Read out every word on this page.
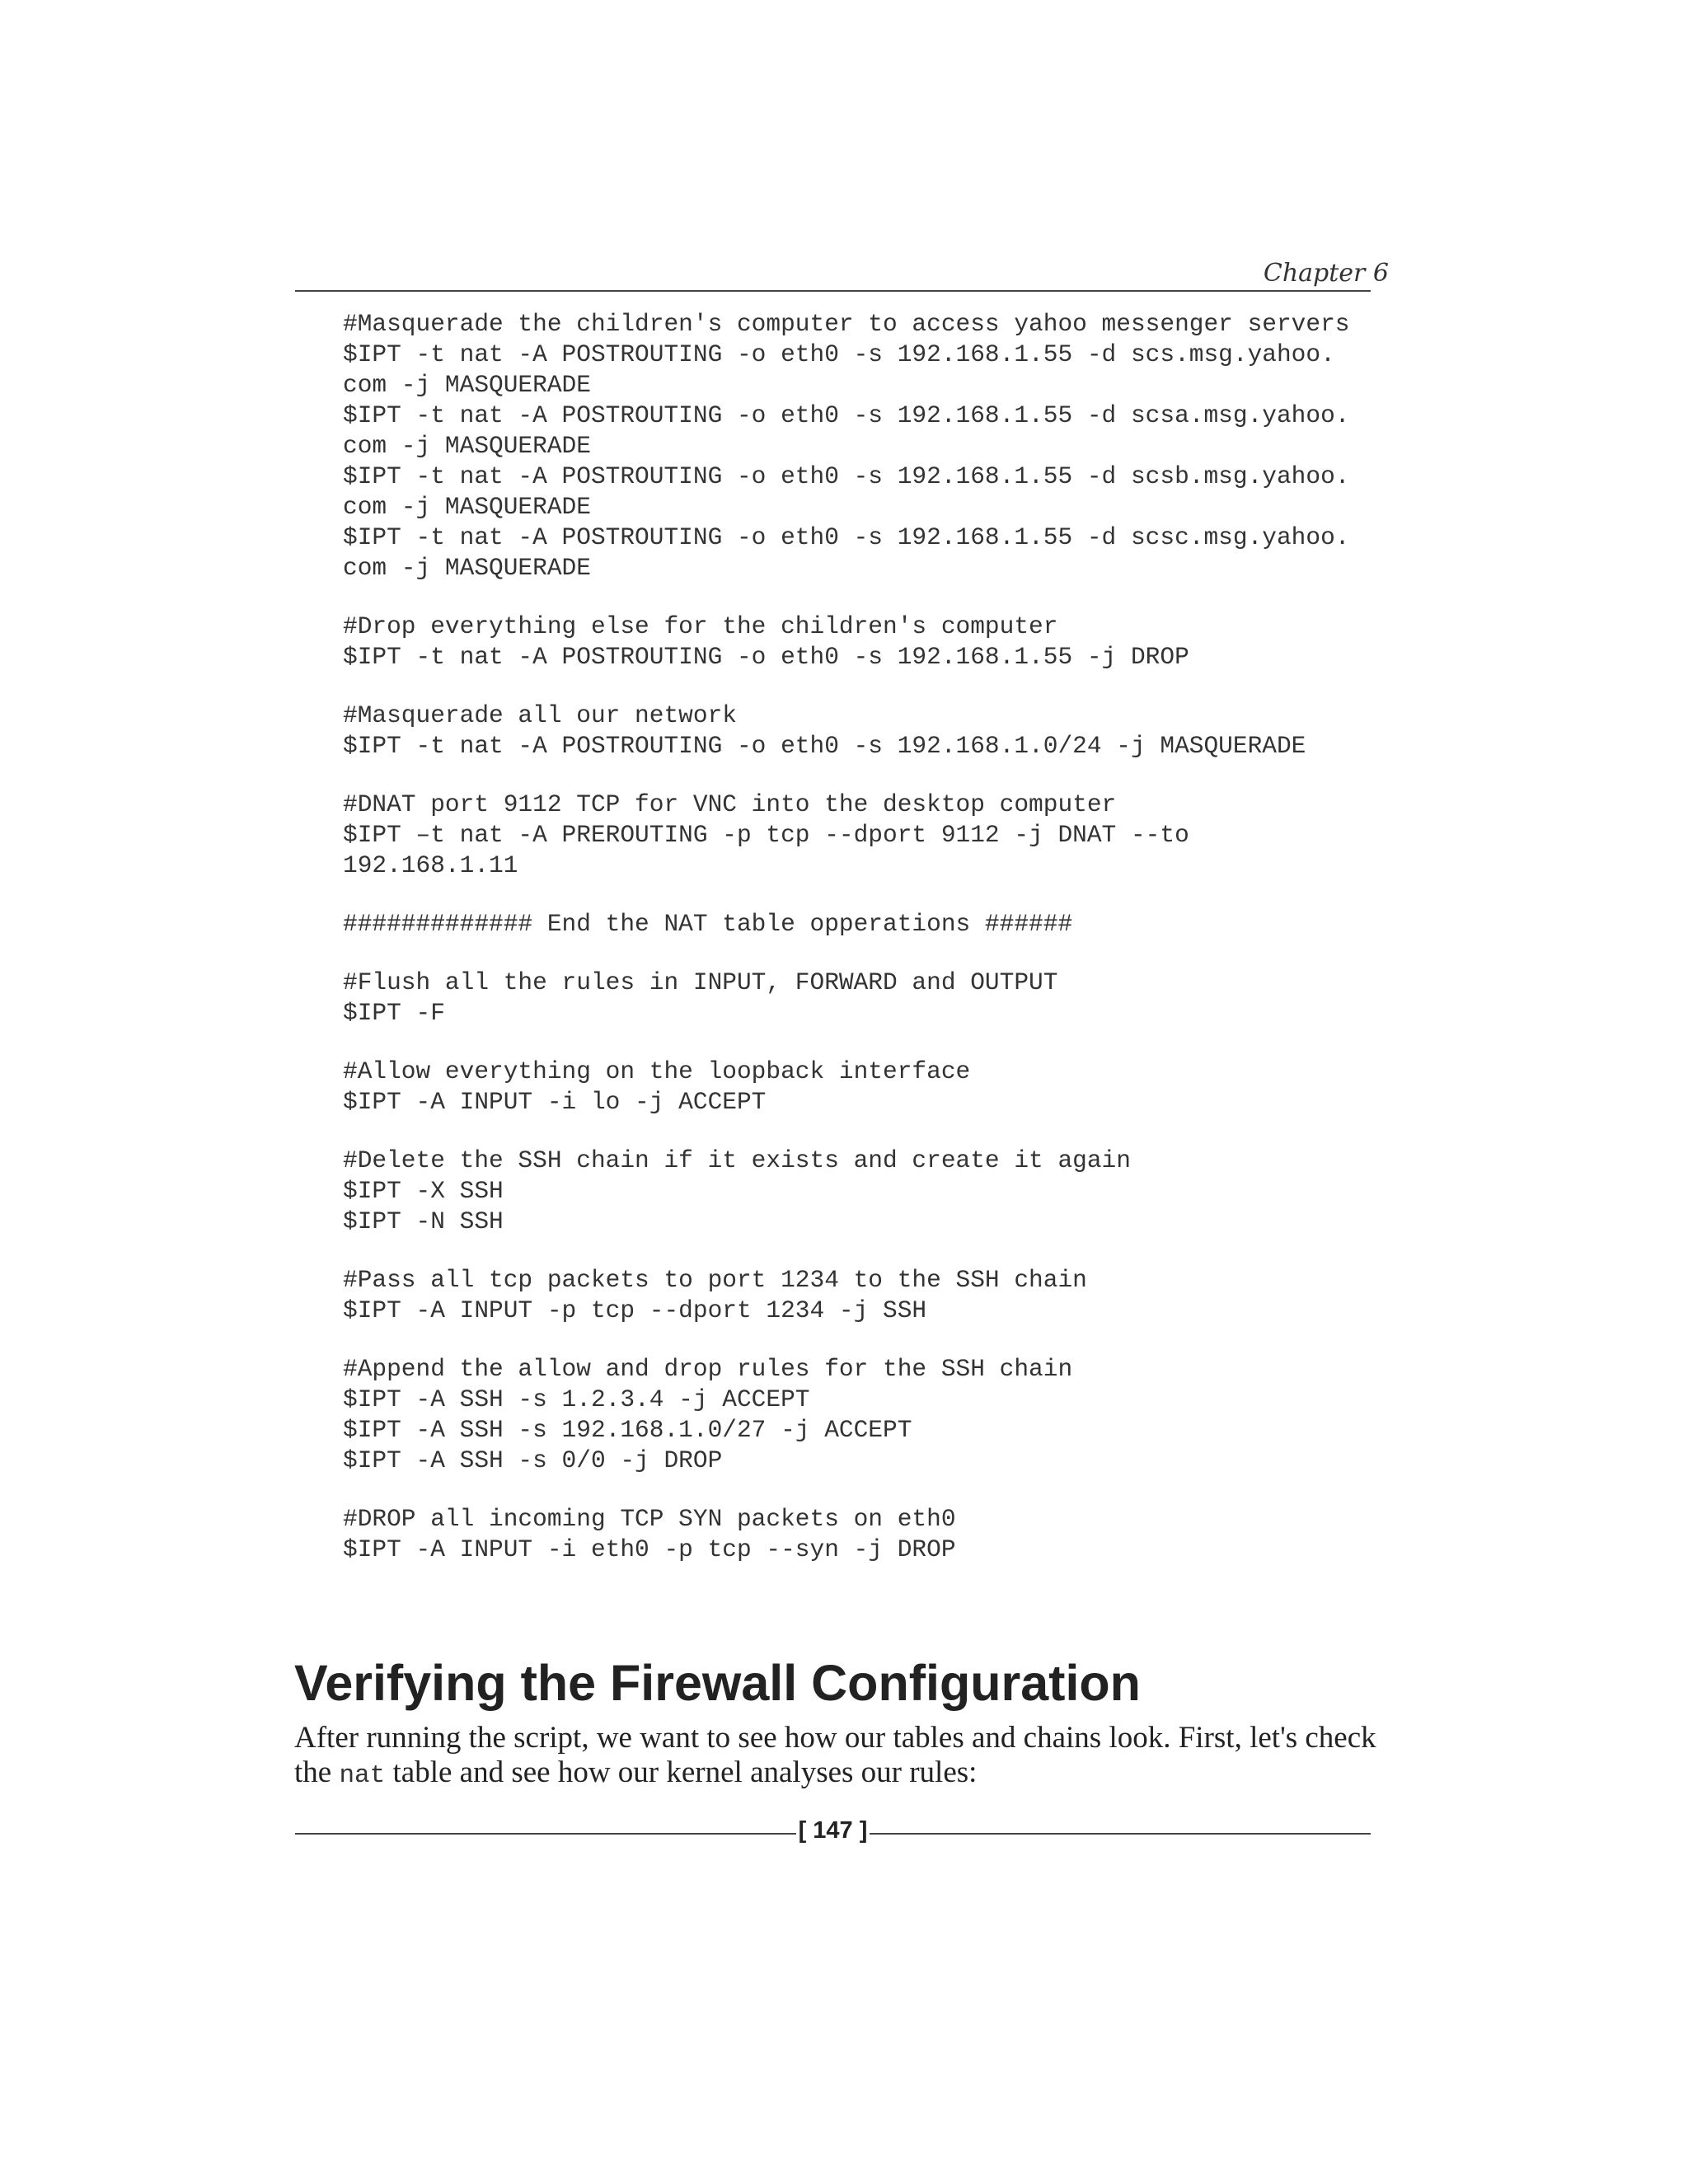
Chapter 6

#Masquerade the children's computer to access yahoo messenger servers
$IPT -t nat -A POSTROUTING -o eth0 -s 192.168.1.55 -d scs.msg.yahoo.
com -j MASQUERADE
$IPT -t nat -A POSTROUTING -o eth0 -s 192.168.1.55 -d scsa.msg.yahoo.
com -j MASQUERADE
$IPT -t nat -A POSTROUTING -o eth0 -s 192.168.1.55 -d scsb.msg.yahoo.
com -j MASQUERADE
$IPT -t nat -A POSTROUTING -o eth0 -s 192.168.1.55 -d scsc.msg.yahoo.
com -j MASQUERADE
#Drop everything else for the children's computer
$IPT -t nat -A POSTROUTING -o eth0 -s 192.168.1.55 -j DROP
#Masquerade all our network
$IPT -t nat -A POSTROUTING -o eth0 -s 192.168.1.0/24 -j MASQUERADE
#DNAT port 9112 TCP for VNC into the desktop computer
$IPT –t nat -A PREROUTING -p tcp --dport 9112 -j DNAT --to
192.168.1.11
############# End the NAT table opperations ######
#Flush all the rules in INPUT, FORWARD and OUTPUT
$IPT -F
#Allow everything on the loopback interface
$IPT -A INPUT -i lo -j ACCEPT
#Delete the SSH chain if it exists and create it again
$IPT -X SSH
$IPT -N SSH
#Pass all tcp packets to port 1234 to the SSH chain
$IPT -A INPUT -p tcp --dport 1234 -j SSH
#Append the allow and drop rules for the SSH chain
$IPT -A SSH -s 1.2.3.4 -j ACCEPT
$IPT -A SSH -s 192.168.1.0/27 -j ACCEPT
$IPT -A SSH -s 0/0 -j DROP
#DROP all incoming TCP SYN packets on eth0
$IPT -A INPUT -i eth0 -p tcp --syn -j DROP
Verifying the Firewall Configuration

After running the script, we want to see how our tables and chains look. First, let's check the nat table and see how our kernel analyses our rules:

[ 147 ]
